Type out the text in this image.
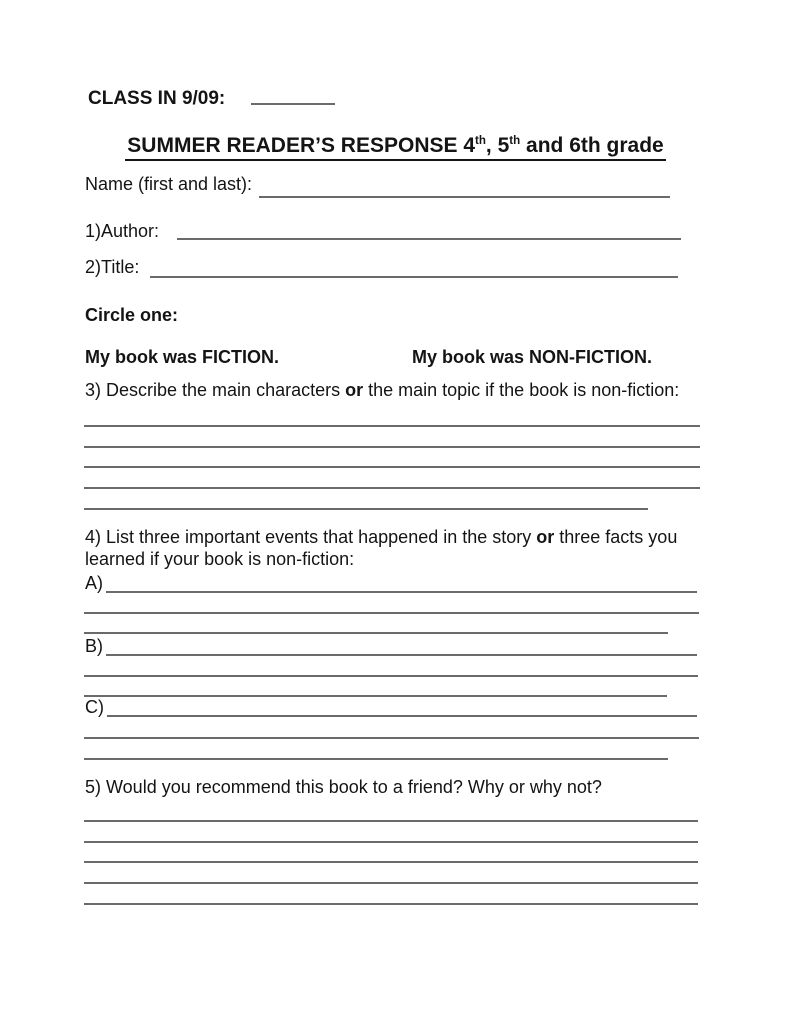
CLASS IN 9/09:
SUMMER READER’S RESPONSE 4th, 5th and 6th grade
Name (first and last):
1)Author:
2)Title:
Circle one:
My book was FICTION.	My book was NON-FICTION.
3) Describe the main characters or the main topic if the book is non-fiction:
4) List three important events that happened in the story or three facts you
learned if your book is non-fiction:
A)
B)
C)
5) Would you recommend this book to a friend? Why or why not?
